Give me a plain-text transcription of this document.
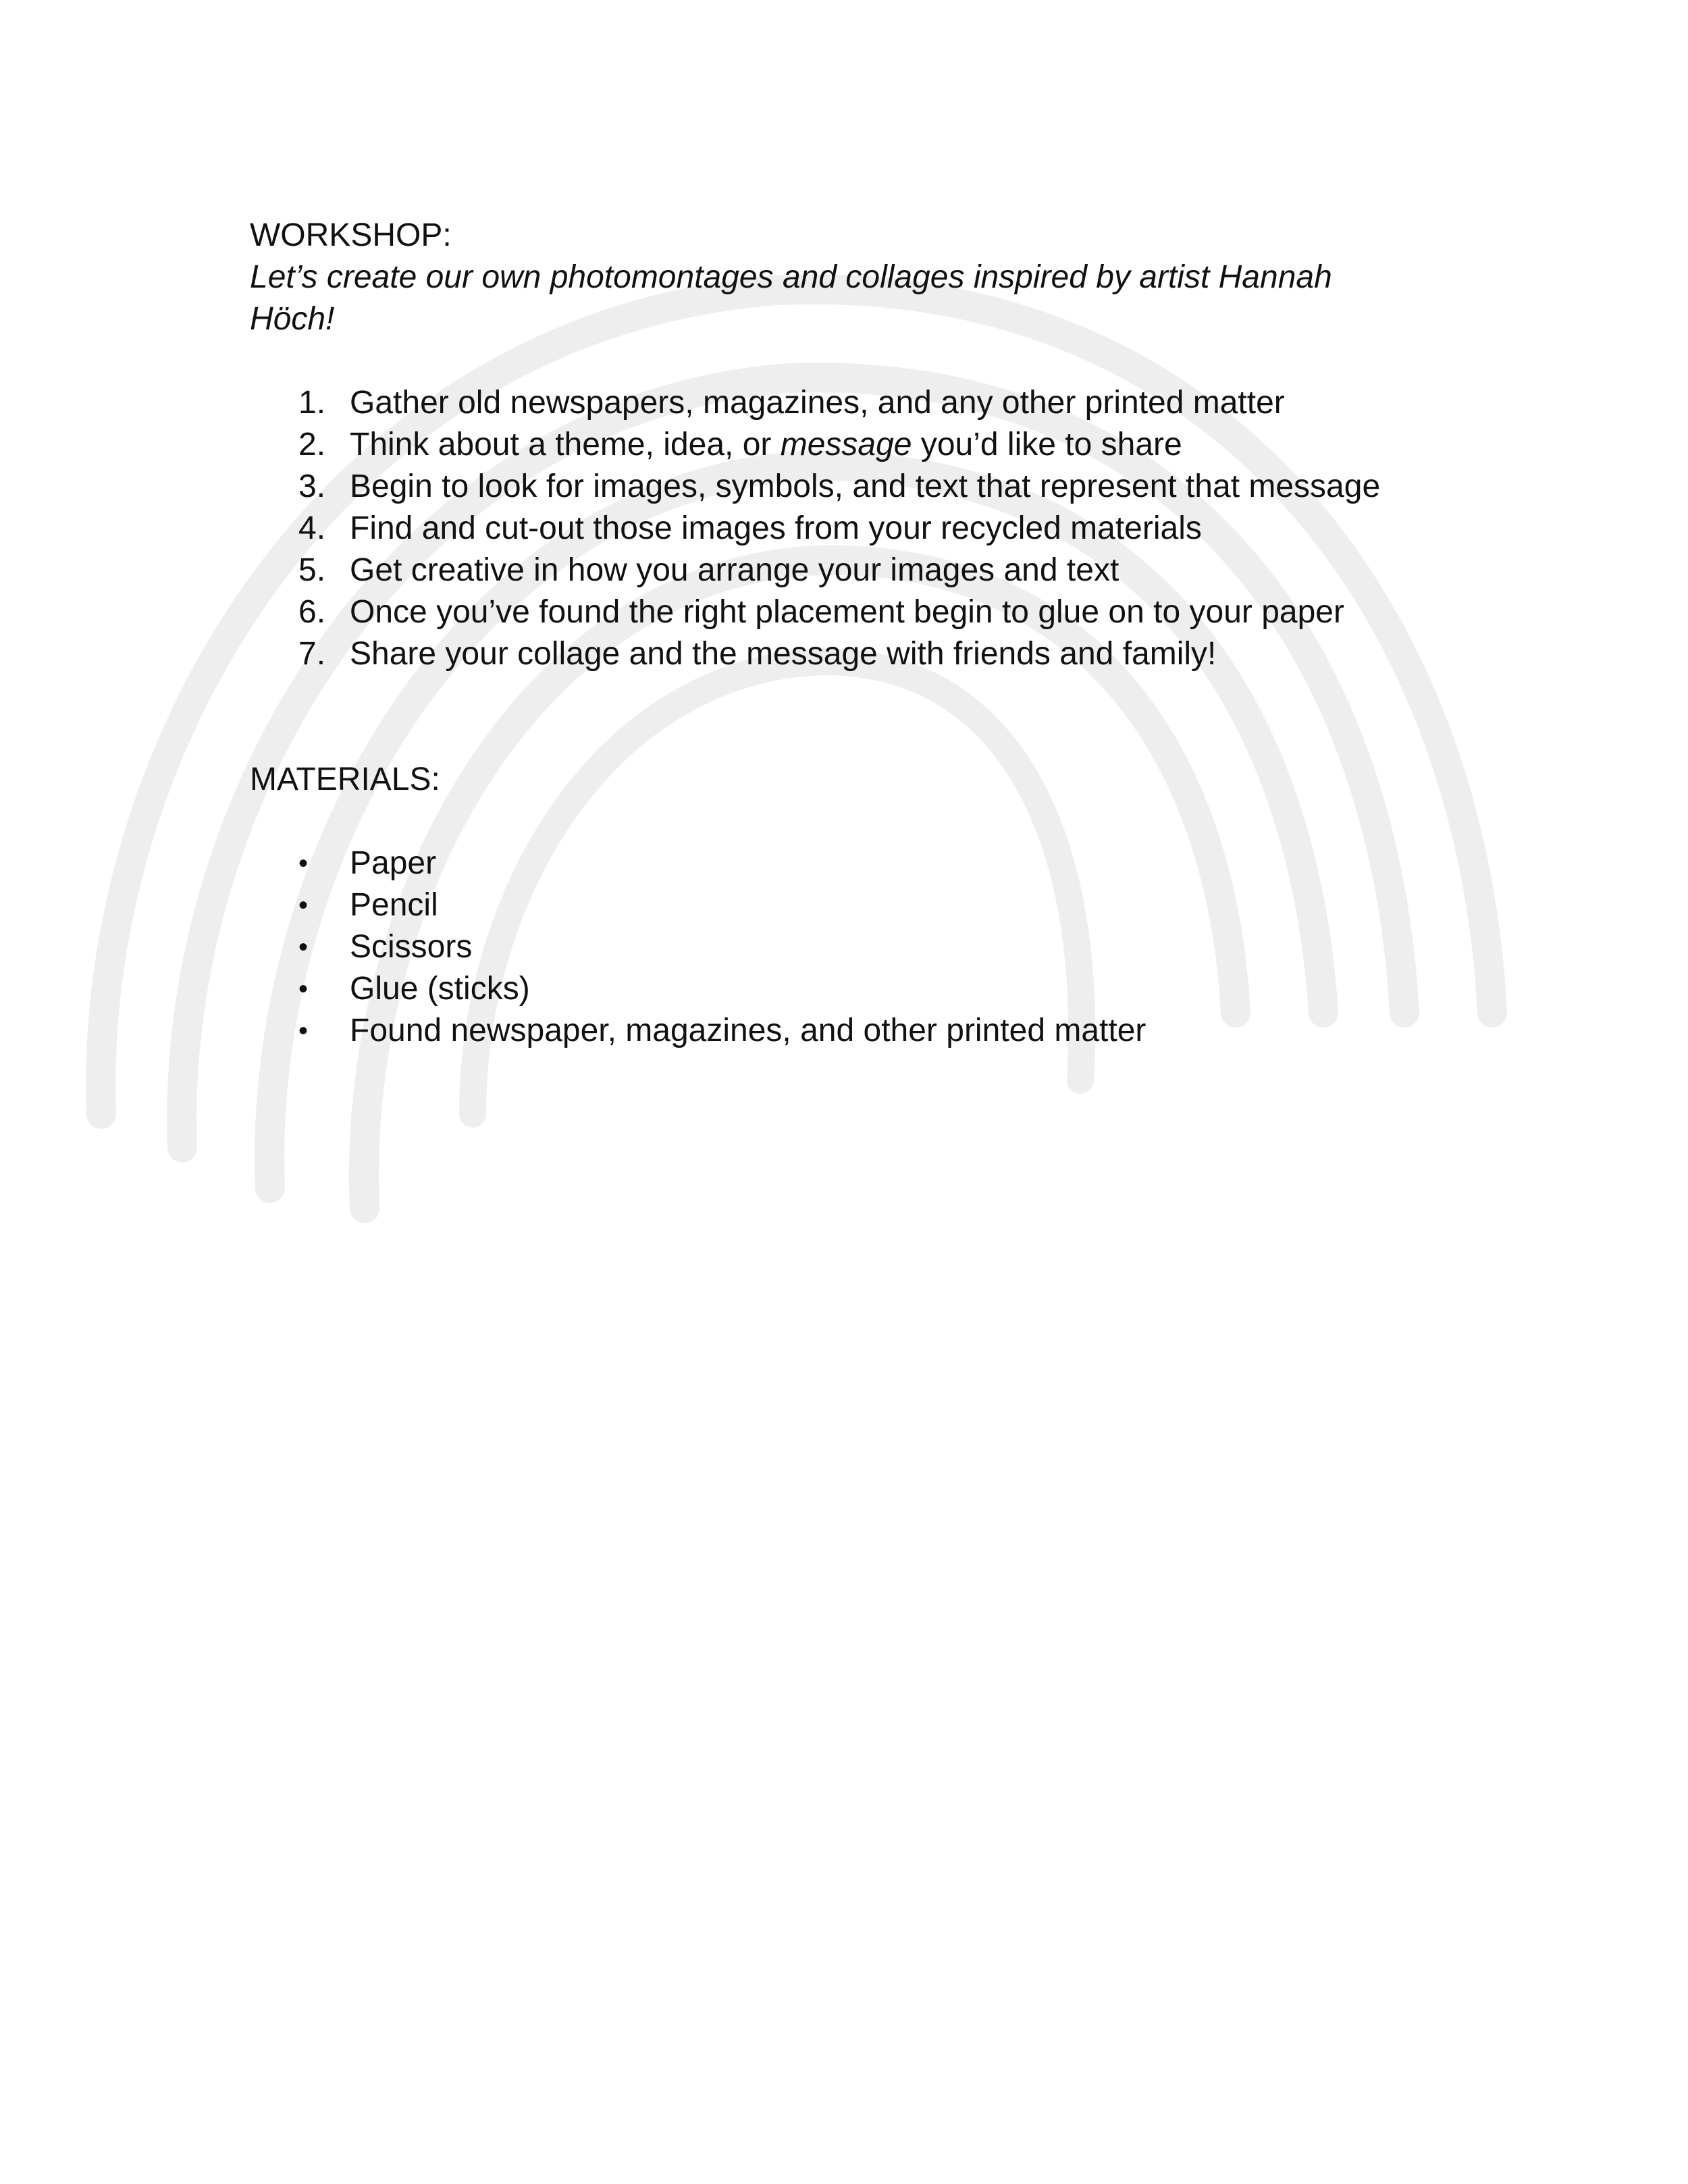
WORKSHOP:
Let’s create our own photomontages and collages inspired by artist Hannah Höch!
1. Gather old newspapers, magazines, and any other printed matter
2. Think about a theme, idea, or message you’d like to share
3. Begin to look for images, symbols, and text that represent that message
4. Find and cut-out those images from your recycled materials
5. Get creative in how you arrange your images and text
6. Once you’ve found the right placement begin to glue on to your paper
7. Share your collage and the message with friends and family!
MATERIALS:
• Paper
• Pencil
• Scissors
• Glue (sticks)
• Found newspaper, magazines, and other printed matter
